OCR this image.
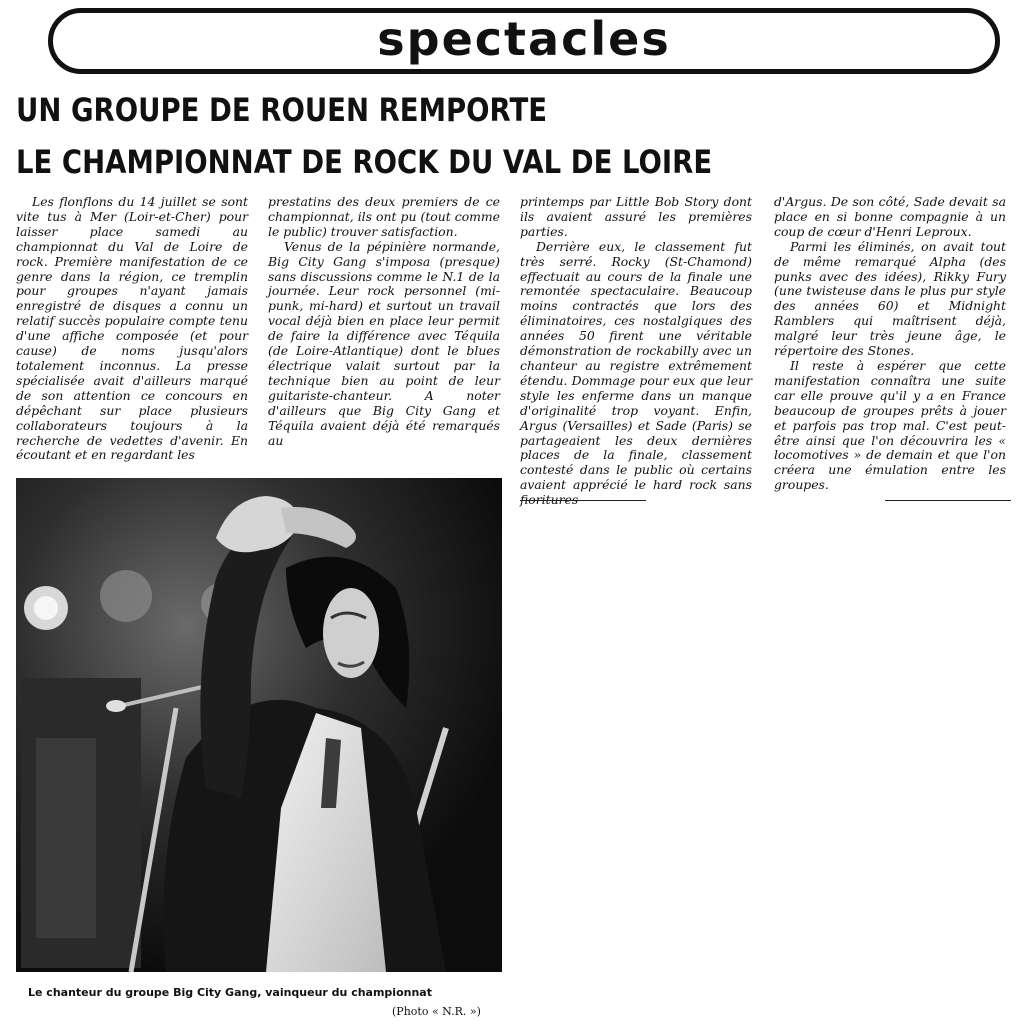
spectacles
UN GROUPE DE ROUEN REMPORTE
LE CHAMPIONNAT DE ROCK DU VAL DE LOIRE

Les flonflons du 14 juillet se sont vite tus à Mer (Loir-et-Cher) pour laisser place samedi au championnat du Val de Loire de rock. Première manifestation de ce genre dans la région, ce tremplin pour groupes n'ayant jamais enregistré de disques a connu un relatif succès populaire compte tenu d'une affiche composée (et pour cause) de noms jusqu'alors totalement inconnus. La presse spécialisée avait d'ailleurs marqué de son attention ce concours en dépêchant sur place plusieurs collaborateurs toujours à la recherche de vedettes d'avenir. En écoutant et en regardant les

prestatins des deux premiers de ce championnat, ils ont pu (tout comme le public) trouver satisfaction.

Venus de la pépinière normande, Big City Gang s'imposa (presque) sans discussions comme le N.1 de la journée. Leur rock personnel (mi-punk, mi-hard) et surtout un travail vocal déjà bien en place leur permit de faire la différence avec Téquila (de Loire-Atlantique) dont le blues électrique valait surtout par la technique bien au point de leur guitariste-chanteur. A noter d'ailleurs que Big City Gang et Téquila avaient déjà été remarqués au

printemps par Little Bob Story dont ils avaient assuré les premières parties.

Derrière eux, le classement fut très serré. Rocky (St-Chamond) effectuait au cours de la finale une remontée spectaculaire. Beaucoup moins contractés que lors des éliminatoires, ces nostalgiques des années 50 firent une véritable démonstration de rockabilly avec un chanteur au registre extrêmement étendu. Dommage pour eux que leur style les enferme dans un manque d'originalité trop voyant. Enfin, Argus (Versailles) et Sade (Paris) se partageaient les deux dernières places de la finale, classement contesté dans le public où certains avaient apprécié le hard rock sans fioritures

d'Argus. De son côté, Sade devait sa place en si bonne compagnie à un coup de cœur d'Henri Leproux.

Parmi les éliminés, on avait tout de même remarqué Alpha (des punks avec des idées), Rikky Fury (une twisteuse dans le plus pur style des années 60) et Midnight Ramblers qui maîtrisent déjà, malgré leur très jeune âge, le répertoire des Stones.

Il reste à espérer que cette manifestation connaîtra une suite car elle prouve qu'il y a en France beaucoup de groupes prêts à jouer et parfois pas trop mal. C'est peut-être ainsi que l'on découvrira les « locomotives » de demain et que l'on créera une émulation entre les groupes.

Le chanteur du groupe Big City Gang, vainqueur du championnat
(Photo « N.R. »)
